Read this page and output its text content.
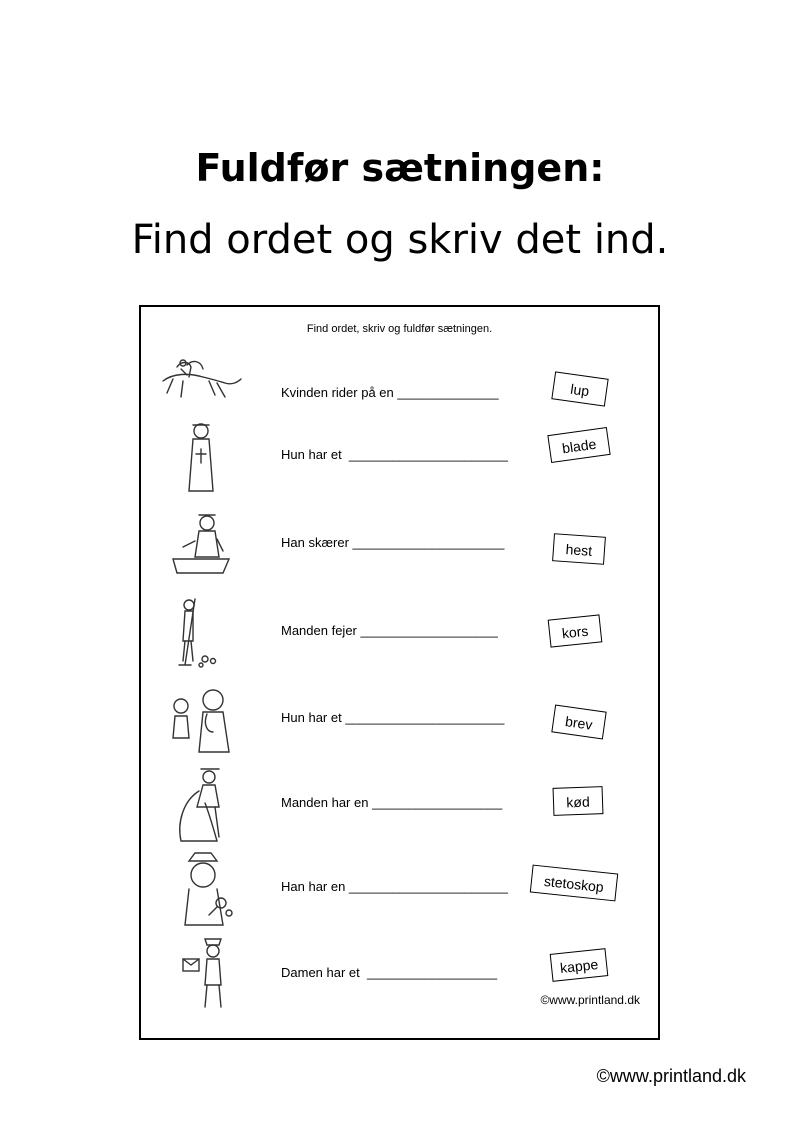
Fuldfør sætningen:
Find ordet og skriv det ind.
Find ordet, skriv og fuldfør sætningen.
Kvinden rider på en ______________	lup
Hun har et  ______________________	blade
Han skærer _____________________	hest
Manden fejer ___________________	kors
Hun har et ______________________	brev
Manden har en __________________	kød
Han har en ______________________	stetoskop
Damen har et  __________________	kappe
©www.printland.dk
©www.printland.dk
